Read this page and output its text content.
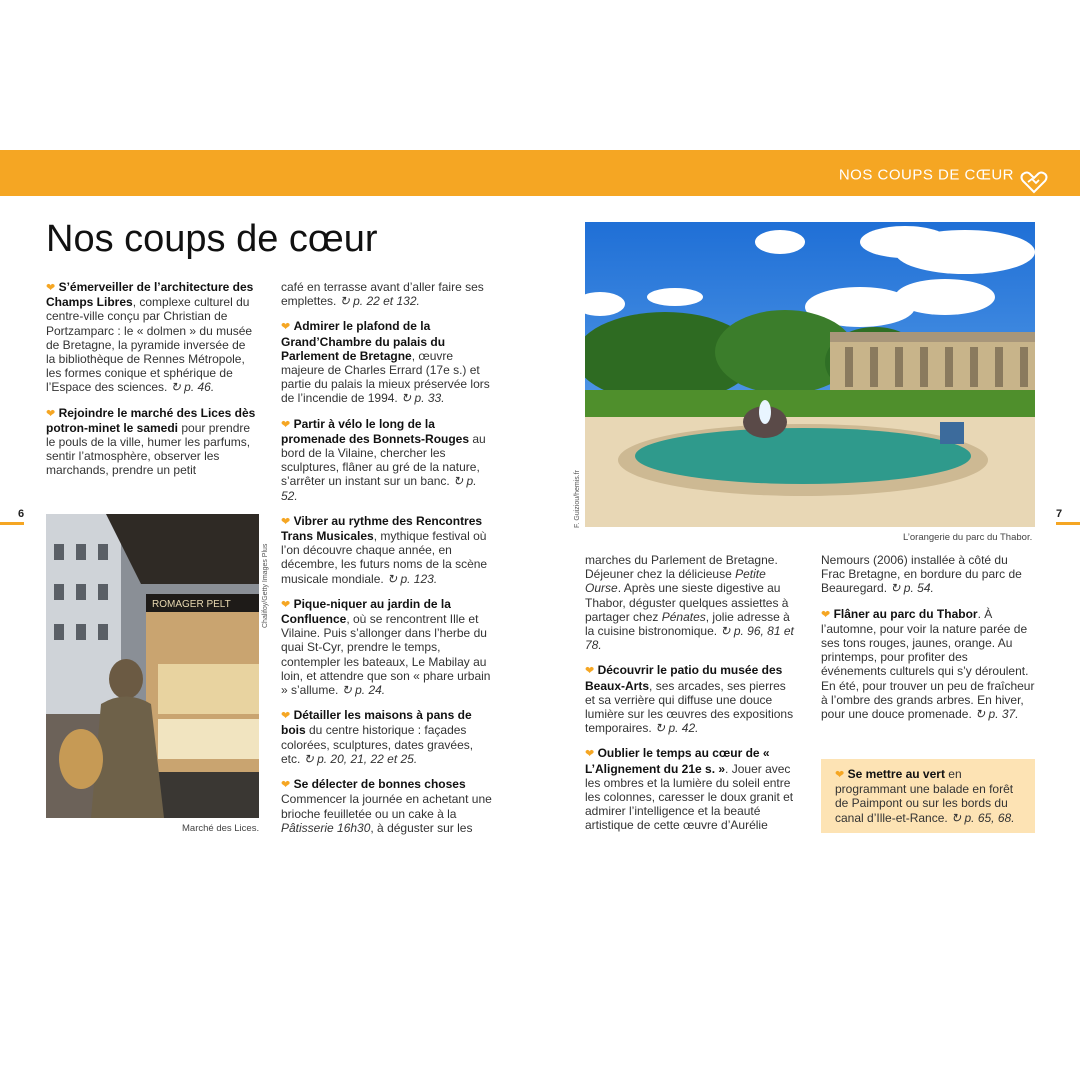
NOS COUPS DE CŒUR
Nos coups de cœur
6	7

❤ S’émerveiller de l’architecture des Champs Libres, complexe culturel du centre-ville conçu par Christian de Portzamparc : le « dolmen » du musée de Bretagne, la pyramide inversée de la bibliothèque de Rennes Métropole, les formes conique et sphérique de l’Espace des sciences. ↻ p. 46.

❤ Rejoindre le marché des Lices dès potron-minet le samedi pour prendre le pouls de la ville, humer les parfums, sentir l’atmosphère, observer les marchands, prendre un petit

café en terrasse avant d’aller faire ses emplettes. ↻ p. 22 et 132.

❤ Admirer le plafond de la Grand’Chambre du palais du Parlement de Bretagne, œuvre majeure de Charles Errard (17e s.) et partie du palais la mieux préservée lors de l’incendie de 1994. ↻ p. 33.

❤ Partir à vélo le long de la promenade des Bonnets-Rouges au bord de la Vilaine, chercher les sculptures, flâner au gré de la nature, s’arrêter un instant sur un banc. ↻ p. 52.

❤ Vibrer au rythme des Rencontres Trans Musicales, mythique festival où l’on découvre chaque année, en décembre, les futurs noms de la scène musicale mondiale. ↻ p. 123.

❤ Pique-niquer au jardin de la Confluence, où se rencontrent Ille et Vilaine. Puis s’allonger dans l’herbe du quai St-Cyr, prendre le temps, contempler les bateaux, Le Mabilay au loin, et attendre que son « phare urbain » s’allume. ↻ p. 24.

❤ Détailler les maisons à pans de bois du centre historique : façades colorées, sculptures, dates gravées, etc. ↻ p. 20, 21, 22 et 25.

❤ Se délecter de bonnes choses
Commencer la journée en achetant une brioche feuilletée ou un cake à la Pâtisserie 16h30, à déguster sur les

ROMAGER PELT
Marché des Lices.
Chalifoy/Getty Images Plus
L’orangerie du parc du Thabor.
F. Guiziou/hemis.fr

marches du Parlement de Bretagne. Déjeuner chez la délicieuse Petite Ourse. Après une sieste digestive au Thabor, déguster quelques assiettes à partager chez Pénates, jolie adresse à la cuisine bistronomique. ↻ p. 96, 81 et 78.

❤ Découvrir le patio du musée des Beaux-Arts, ses arcades, ses pierres et sa verrière qui diffuse une douce lumière sur les œuvres des expositions temporaires. ↻ p. 42.

❤ Oublier le temps au cœur de « L’Alignement du 21e s. ». Jouer avec les ombres et la lumière du soleil entre les colonnes, caresser le doux granit et admirer l’intelligence et la beauté artistique de cette œuvre d’Aurélie

Nemours (2006) installée à côté du Frac Bretagne, en bordure du parc de Beauregard. ↻ p. 54.

❤ Flâner au parc du Thabor. À l’automne, pour voir la nature parée de ses tons rouges, jaunes, orange. Au printemps, pour profiter des événements culturels qui s’y déroulent. En été, pour trouver un peu de fraîcheur à l’ombre des grands arbres. En hiver, pour une douce promenade. ↻ p. 37.

❤ Se mettre au vert en programmant une balade en forêt de Paimpont ou sur les bords du canal d’Ille-et-Rance. ↻ p. 65, 68.
